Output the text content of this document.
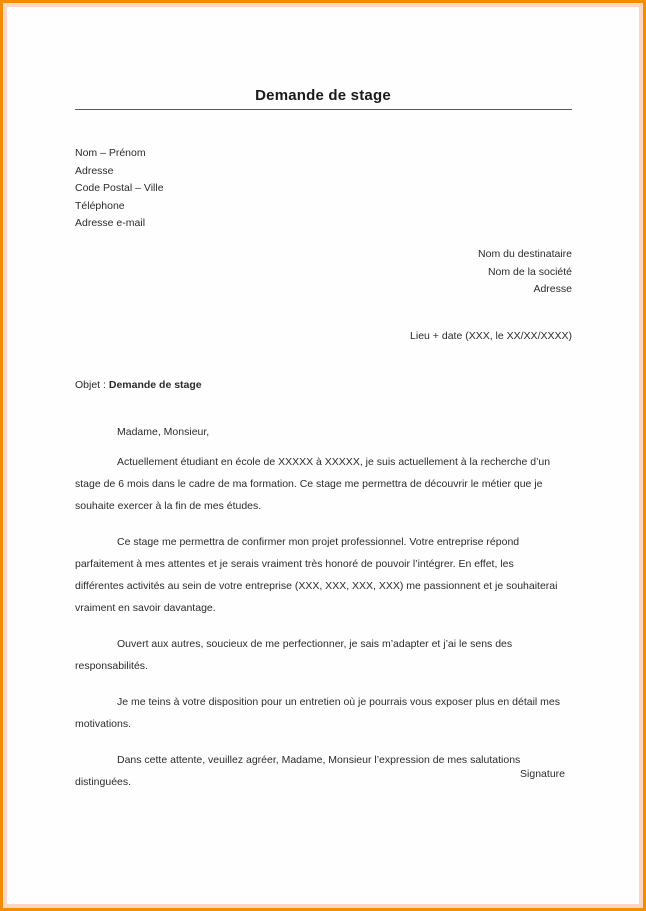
Demande de stage
Nom – Prénom
Adresse
Code Postal – Ville
Téléphone
Adresse e-mail
Nom du destinataire
Nom de la société
Adresse
Lieu + date (XXX, le XX/XX/XXXX)
Objet : Demande de stage
Madame, Monsieur,

Actuellement étudiant en école de XXXXX à XXXXX, je suis actuellement à la recherche d’un stage de 6 mois dans le cadre de ma formation. Ce stage me permettra de découvrir le métier que je souhaite exercer à la fin de mes études.

Ce stage me permettra de confirmer mon projet professionnel. Votre entreprise répond parfaitement à mes attentes et je serais vraiment très honoré de pouvoir l’intégrer. En effet, les différentes activités au sein de votre entreprise (XXX, XXX, XXX, XXX) me passionnent et je souhaiterai vraiment en savoir davantage.

Ouvert aux autres, soucieux de me perfectionner, je sais m’adapter et j’ai le sens des responsabilités.

Je me teins à votre disposition pour un entretien où je pourrais vous exposer plus en détail mes motivations.

Dans cette attente, veuillez agréer, Madame, Monsieur l’expression de mes salutations distinguées.

Signature
